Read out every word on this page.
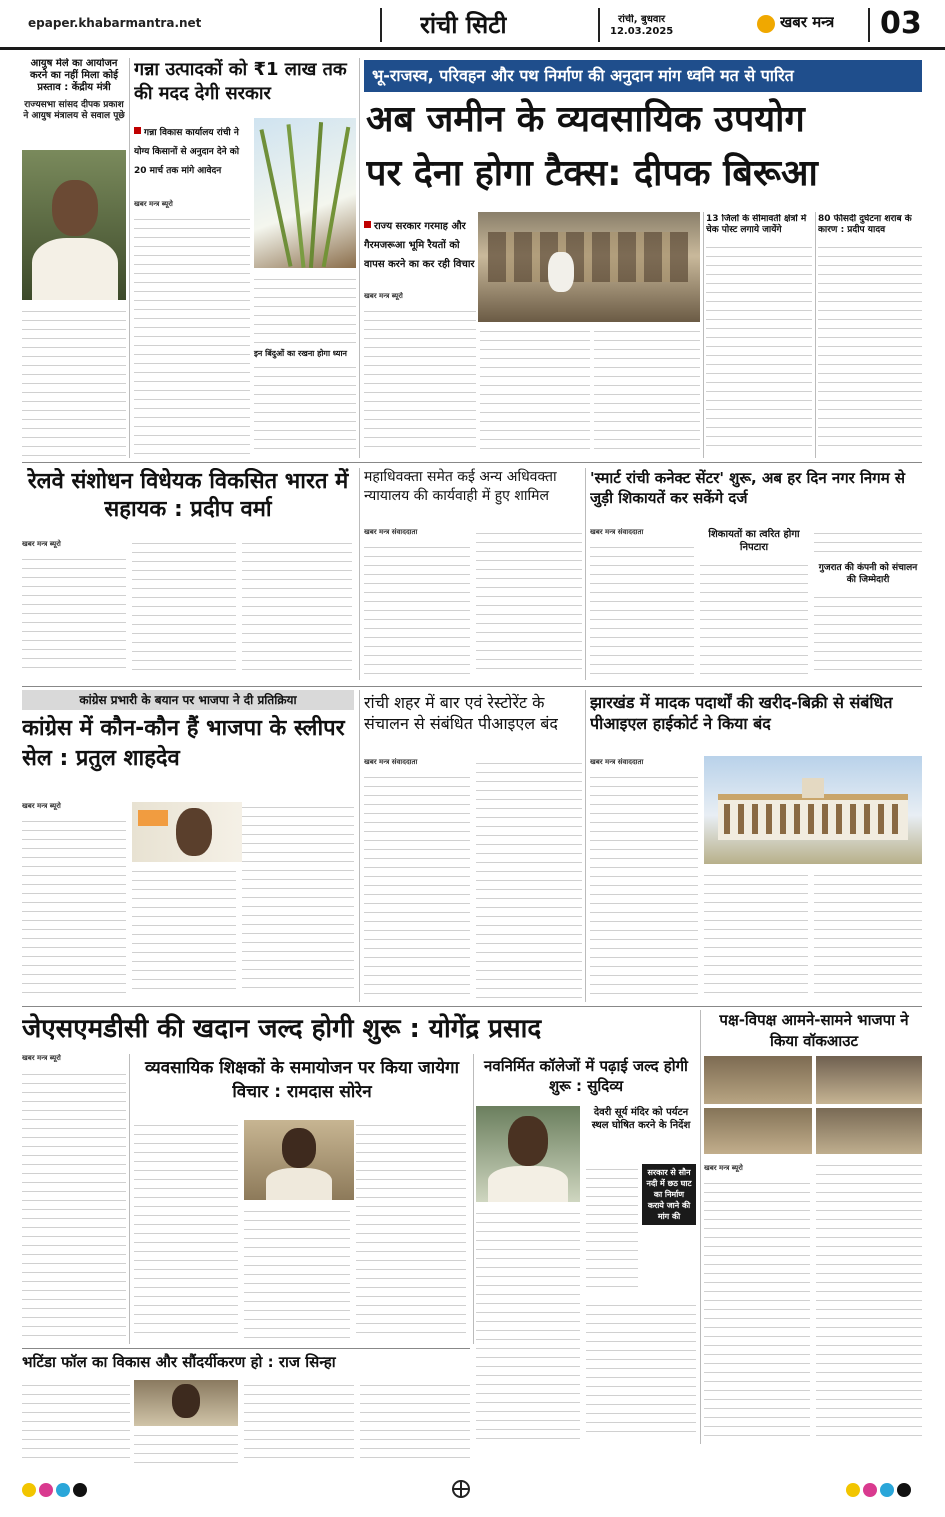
epaper.khabarmantra.net	रांची सिटी	रांची, बुधवार
12.03.2025
खबर मन्त्र 03
आयुष मेले का आयोजन करने का नहीं मिला कोई प्रस्ताव : केंद्रीय मंत्री
राज्यसभा सांसद दीपक प्रकाश ने आयुष मंत्रालय से सवाल पूछे
गन्ना उत्पादकों को ₹1 लाख तक की मदद देगी सरकार
गन्ना विकास कार्यालय रांची ने योग्य किसानों से अनुदान देने को 20 मार्च तक मांगे आवेदन
खबर मन्त्र ब्यूरो
इन बिंदुओं का रखना होगा ध्यान
भू-राजस्व, परिवहन और पथ निर्माण की अनुदान मांग ध्वनि मत से पारित
अब जमीन के व्यवसायिक उपयोग
पर देना होगा टैक्स: दीपक बिरूआ
राज्य सरकार गरमाह और गैरमजरूआ भूमि रैयतों को वापस करने का कर रही विचार
खबर मन्त्र ब्यूरो
13 जिलों के सीमावर्ती क्षेत्रों में चेक पोस्ट लगाये जायेंगे
80 फीसदी दुर्घटना शराब के कारण : प्रदीप यादव
रेलवे संशोधन विधेयक विकसित भारत में सहायक : प्रदीप वर्मा
खबर मन्त्र ब्यूरो
महाधिवक्ता समेत कई अन्य अधिवक्ता न्यायालय की कार्यवाही में हुए शामिल
खबर मन्त्र संवाददाता
'स्मार्ट रांची कनेक्ट सेंटर' शुरू, अब हर दिन नगर निगम से जुड़ी शिकायतें कर सकेंगे दर्ज
खबर मन्त्र संवाददाता	शिकायतों का त्वरित होगा निपटारा
गुजरात की कंपनी को संचालन की जिम्मेदारी
कांग्रेस प्रभारी के बयान पर भाजपा ने दी प्रतिक्रिया
कांग्रेस में कौन-कौन हैं भाजपा के स्लीपर सेल : प्रतुल शाहदेव
खबर मन्त्र ब्यूरो
रांची शहर में बार एवं रेस्टोरेंट के संचालन से संबंधित पीआइएल बंद
खबर मन्त्र संवाददाता
झारखंड में मादक पदार्थों की खरीद-बिक्री से संबंधित पीआइएल हाईकोर्ट ने किया बंद
खबर मन्त्र संवाददाता
जेएसएमडीसी की खदान जल्द होगी शुरू : योगेंद्र प्रसाद	पक्ष-विपक्ष आमने-सामने भाजपा ने किया वॉकआउट
खबर मन्त्र ब्यूरो	व्यवसायिक शिक्षकों के समायोजन पर किया जायेगा विचार : रामदास सोरेन
नवनिर्मित कॉलेजों में पढ़ाई जल्द होगी शुरू : सुदिव्य
देवरी सूर्य मंदिर को पर्यटन स्थल घोषित करने के निर्देश
सरकार से सौन नदी में छठ घाट का निर्माण कराये जाने की मांग की
खबर मन्त्र ब्यूरो
भटिंडा फॉल का विकास और सौंदर्यीकरण हो : राज सिन्हा
